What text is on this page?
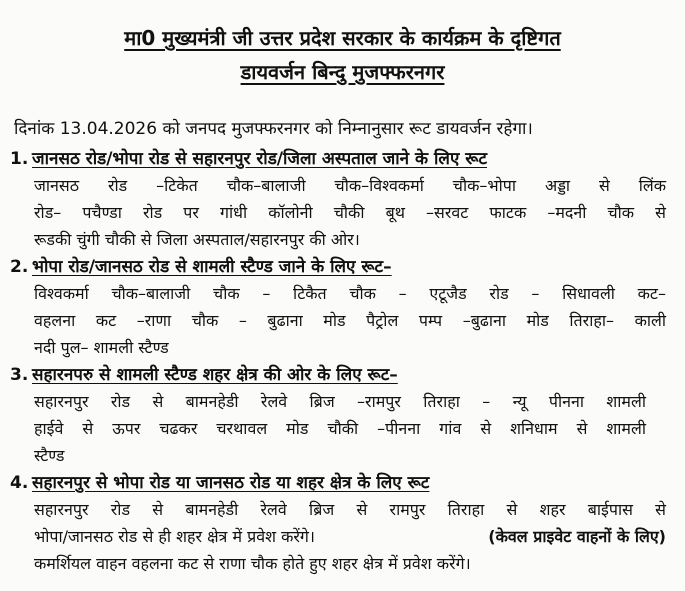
मा0 मुख्यमंत्री जी उत्तर प्रदेश सरकार के कार्यक्रम के दृष्टिगत
डायवर्जन बिन्दु मुजफ्फरनगर
दिनांक 13.04.2026 को जनपद मुजफ्फरनगर को निम्नानुसार रूट डायवर्जन रहेगा।
1. जानसठ रोड/भोपा रोड से सहारनपुर रोड/जिला अस्पताल जाने के लिए रूट
जानसठ रोड –टिकेत चौक–बालाजी चौक–विश्वकर्मा चौक–भोपा अड्डा से लिंक
रोड– पचैण्डा रोड पर गांधी कॉलोनी चौकी बूथ –सरवट फाटक –मदनी चौक से
रूडकी चुंगी चौकी से जिला अस्पताल/सहारनपुर की ओर।
2. भोपा रोड/जानसठ रोड से शामली स्टैण्ड जाने के लिए रूट–
विश्वकर्मा चौक–बालाजी चौक – टिकैत चौक – एटूजैड रोड – सिधावली कट–
वहलना कट –राणा चौक – बुढाना मोड पैट्रोल पम्प –बुढाना मोड तिराहा– काली
नदी पुल– शामली स्टैण्ड
3. सहारनपरु से शामली स्टैण्ड शहर क्षेत्र की ओर के लिए रूट–
सहारनपुर रोड से बामनहेडी रेलवे ब्रिज –रामपुर तिराहा – न्यू पीनना शामली
हाईवे से ऊपर चढकर चरथावल मोड चौकी –पीनना गांव से शनिधाम से शामली
स्टैण्ड
4. सहारनपुर से भोपा रोड या जानसठ रोड या शहर क्षेत्र के लिए रूट
सहारनपुर रोड से बामनहेडी रेलवे ब्रिज से रामपुर तिराहा से शहर बाईपास से
भोपा/जानसठ रोड से ही शहर क्षेत्र में प्रवेश करेंगे।	(केवल प्राइवेट वाहनों के लिए)
कमर्शियल वाहन वहलना कट से राणा चौक होते हुए शहर क्षेत्र में प्रवेश करेंगे।
